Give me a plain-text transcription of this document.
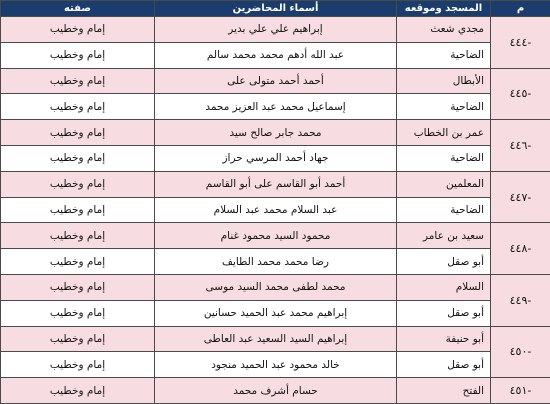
م	المسجد وموقعه	أسماء المحاضرين	صفته
-٤٤٤	مجدي شعث	إبراهيم علي علي بدير	إمام وخطيب
	الضاحية	عبد الله أدهم محمد محمد سالم	إمام وخطيب
-٤٤٥	الأبطال	أحمد أحمد متولى على	إمام وخطيب
	الضاحية	إسماعيل محمد عبد العزيز محمد	إمام وخطيب
-٤٤٦	عمر بن الخطاب	محمد جابر صالح سيد	إمام وخطيب
	الضاحية	جهاد أحمد المرسي حراز	إمام وخطيب
-٤٤٧	المعلمين	أحمد أبو القاسم على أبو القاسم	إمام وخطيب
	الضاحية	عبد السلام محمد عبد السلام	إمام وخطيب
-٤٤٨	سعيد بن عامر	محمود السيد محمود غنام	إمام وخطيب
	أبو صقل	رضا محمد محمد الطايف	إمام وخطيب
-٤٤٩	السلام	محمد لطفى محمد السيد موسى	إمام وخطيب
	أبو صقل	إبراهيم محمد عبد الحميد حسانين	إمام وخطيب
-٤٥٠	أبو حنيفة	إبراهيم السيد السعيد عبد العاطى	إمام وخطيب
	أبو صقل	خالد محمود عبد الحميد منجود	إمام وخطيب
-٤٥١	الفتح	حسام أشرف محمد	إمام وخطيب
